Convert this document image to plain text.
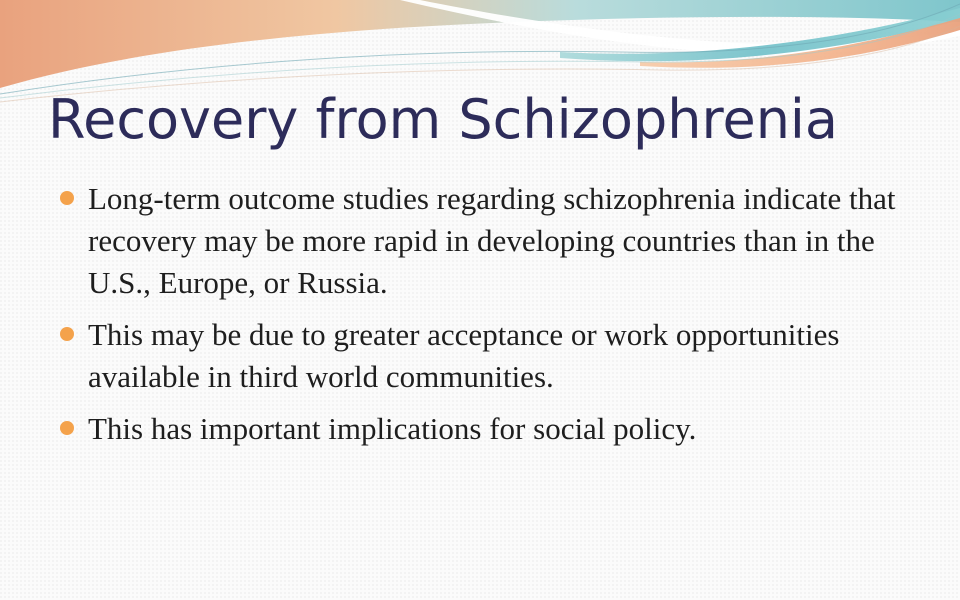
Recovery from Schizophrenia
Long-term outcome studies regarding schizophrenia indicate that recovery may be more rapid in developing countries than in the U.S., Europe, or Russia.
This may be due to greater acceptance or work opportunities available in third world communities.
This has important implications for social policy.
